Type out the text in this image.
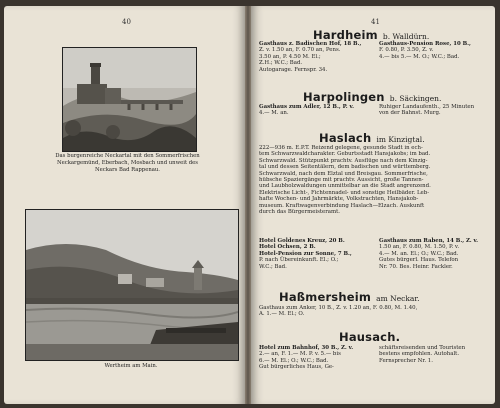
40
Das burgenreiche Neckartal mit den Sommerfrischen
Neckargemünd, Eberbach, Mosbach und unweit des
Neckars Bad Rappenau.
Wertheim am Main.
41
Hardheim b. Walldürn.
Gasthaus z. Badischen Hof, 18 B.,
Z. v. 1.50 an, F. 0.70 an, Pens.
3.50 an, P. 4.50 M. El.;
Z.H.; W.C.; Bad.
Autogarage. Fernspr. 34.
Gasthaus-Pension Rose, 10 B.,
F. 0.80, P. 3.50, Z. v.
4.— bis 5.— M. O.; W.C.; Bad.
Harpolingen b. Säckingen.
Gasthaus zum Adler, 12 B., P. v.
4.— M. an.
Ruhiger Landaufenth., 25 Minuten
von der Bahnst. Murg.
Haslach im Kinzigtal.
222—936 m. E.P.T. Reizend gelegene, gesunde Stadt in ech-
tem Schwarzwaldcharakter. Geburtsstadt Hansjakobs; im bad.
Schwarzwald. Stützpunkt prachtv. Ausflüge nach dem Kinzig-
tal und dessen Seitentälern, dem badischen und württemberg.
Schwarzwald, nach dem Elztal und Breisgau. Sommerfrische,
hübsche Spaziergänge mit prachtv. Aussicht, große Tannen-
und Laubholzwaldungen unmittelbar an die Stadt angrenzend.
Elektrische Licht-, Fichtennadel- und sonstige Heilbäder. Leb-
hafte Wochen- und Jahrmärkte, Volkstrachten, Hansjakob-
museum. Kraftwagenverbindung Haslach—Elzach. Auskunft
durch das Bürgermeisteramt.
Hotel Goldenes Kreuz, 20 B.
Hotel Ochsen, 2 B.
Hotel-Pension zur Sonne, 7 B.,
P. nach Übereinkunft. El.; O.;
W.C.; Bad.
Gasthaus zum Raben, 14 B., Z. v.
1.50 an, F. 0.80, M. 1.50, P. v.
4.— M. an. El.; O.; W.C.; Bad.
Gutes bürgerl. Haus. Telefon
Nr. 70. Bes. Heinr. Fackler.
Haßmersheim am Neckar.
Gasthaus zum Anker, 10 B., Z. v. 1.20 an, F. 0.80, M. 1.40,
A. 1.— M. El.; O.
Hausach.
Hotel zum Bahnhof, 30 B., Z. v.
2.— an, F. 1.— M. P. v. 5.— bis
6.— M. El.; O.; W.C.; Bad.
Gut bürgerliches Haus, Ge-
schäftsreisenden und Touristen
bestens empfohlen. Autohalt.
Fernsprecher Nr. 1.
